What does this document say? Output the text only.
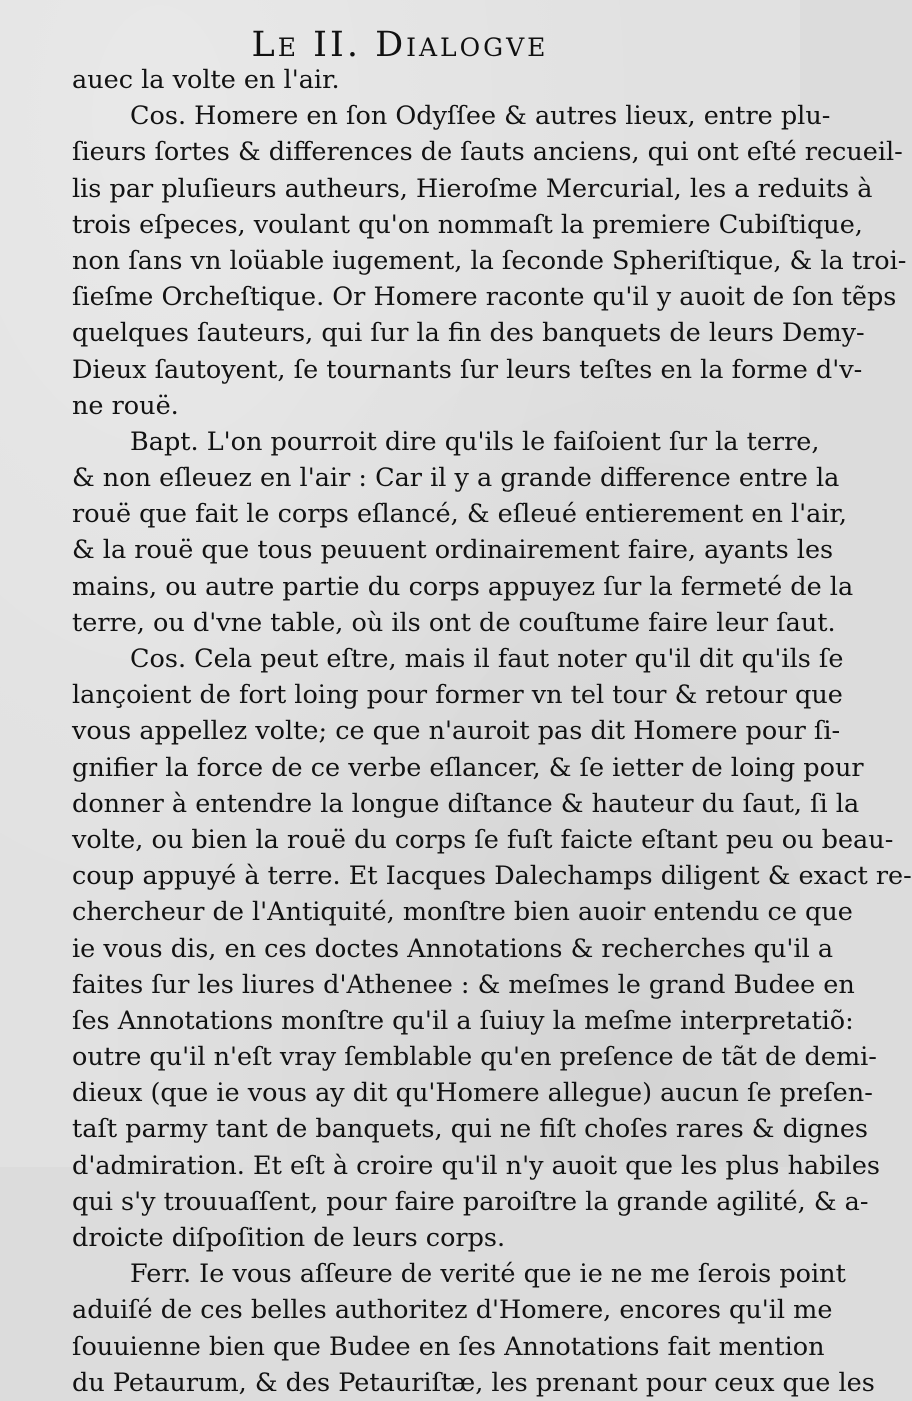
Le II. Dialogve
auec la volte en l'air.
Cos. Homere en ſon Odyſſee & autres lieux, entre plu-
ſieurs ſortes & differences de ſauts anciens, qui ont eſté recueil-
lis par pluſieurs autheurs, Hieroſme Mercurial, les a reduits à
trois eſpeces, voulant qu'on nommaſt la premiere Cubiſtique,
non ſans vn loüable iugement, la ſeconde Spheriſtique, & la troi-
ſieſme Orcheſtique. Or Homere raconte qu'il y auoit de ſon tẽps
quelques ſauteurs, qui ſur la fin des banquets de leurs Demy-
Dieux ſautoyent, ſe tournants ſur leurs teſtes en la forme d'v-
ne rouë.
Bapt. L'on pourroit dire qu'ils le faiſoient ſur la terre,
& non eſleuez en l'air : Car il y a grande difference entre la
rouë que fait le corps eſlancé, & eſleué entierement en l'air,
& la rouë que tous peuuent ordinairement faire, ayants les
mains, ou autre partie du corps appuyez ſur la fermeté de la
terre, ou d'vne table, où ils ont de couſtume faire leur ſaut.
Cos. Cela peut eſtre, mais il faut noter qu'il dit qu'ils ſe
lançoient de fort loing pour former vn tel tour & retour que
vous appellez volte; ce que n'auroit pas dit Homere pour ſi-
gnifier la force de ce verbe eſlancer, & ſe ietter de loing pour
donner à entendre la longue diſtance & hauteur du ſaut, ſi la
volte, ou bien la rouë du corps ſe fuſt faicte eſtant peu ou beau-
coup appuyé à terre. Et Iacques Dalechamps diligent & exact re-
chercheur de l'Antiquité, monſtre bien auoir entendu ce que
ie vous dis, en ces doctes Annotations & recherches qu'il a
faites ſur les liures d'Athenee : & meſmes le grand Budee en
ſes Annotations monſtre qu'il a ſuiuy la meſme interpretatiõ:
outre qu'il n'eſt vray ſemblable qu'en preſence de tãt de demi-
dieux (que ie vous ay dit qu'Homere allegue) aucun ſe preſen-
taſt parmy tant de banquets, qui ne fiſt choſes rares & dignes
d'admiration. Et eſt à croire qu'il n'y auoit que les plus habiles
qui s'y trouuaſſent, pour faire paroiſtre la grande agilité, & a-
droicte diſpoſition de leurs corps.
Ferr. Ie vous aſſeure de verité que ie ne me ſerois point
aduiſé de ces belles authoritez d'Homere, encores qu'il me
ſouuienne bien que Budee en ſes Annotations fait mention
du Petaurum, & des Petauriſtæ, les prenant pour ceux que les
